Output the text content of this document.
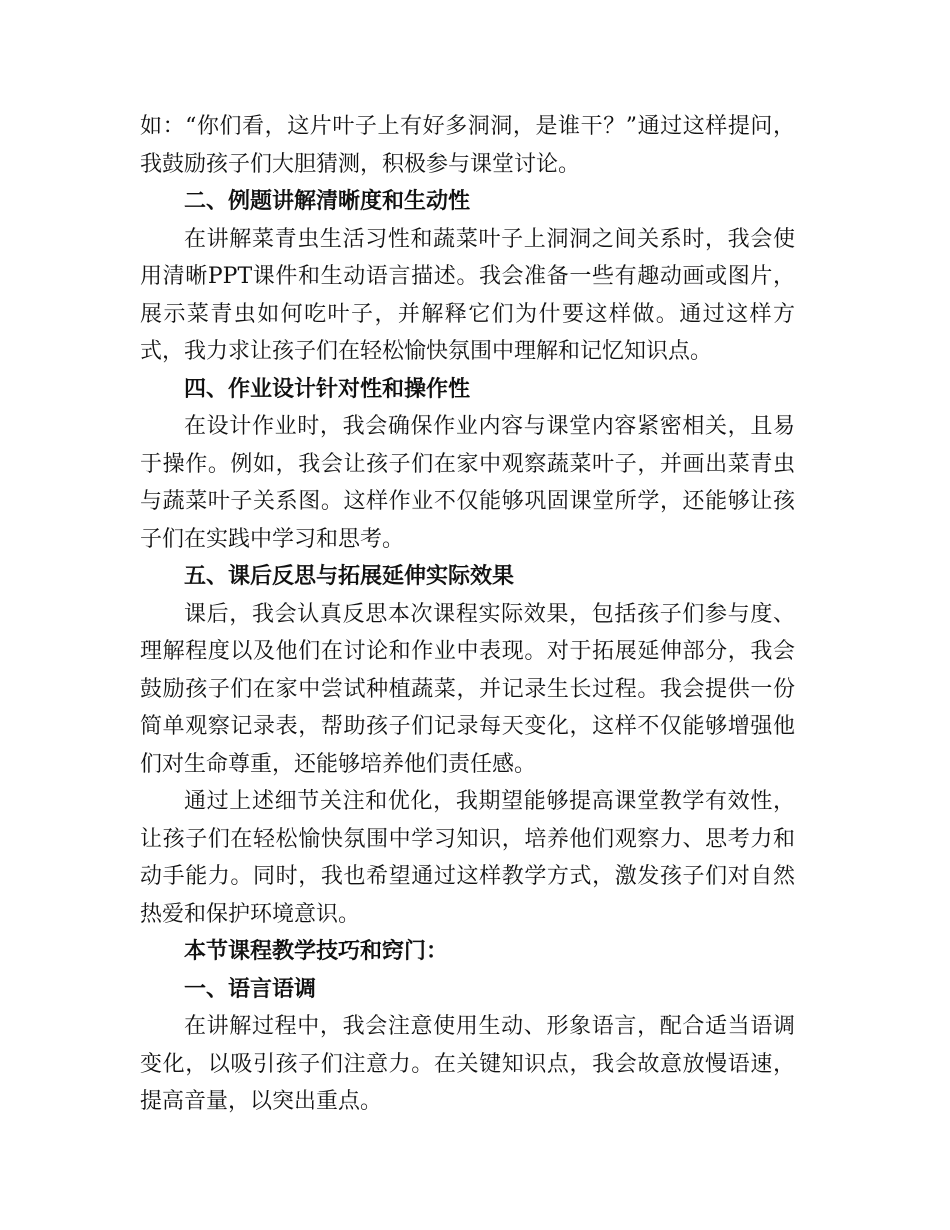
如：“你们看，这片叶子上有好多洞洞，是谁干？”通过这样提问，我鼓励孩子们大胆猜测，积极参与课堂讨论。

二、例题讲解清晰度和生动性

在讲解菜青虫生活习性和蔬菜叶子上洞洞之间关系时，我会使用清晰PPT课件和生动语言描述。我会准备一些有趣动画或图片，展示菜青虫如何吃叶子，并解释它们为什要这样做。通过这样方式，我力求让孩子们在轻松愉快氛围中理解和记忆知识点。

四、作业设计针对性和操作性

在设计作业时，我会确保作业内容与课堂内容紧密相关，且易于操作。例如，我会让孩子们在家中观察蔬菜叶子，并画出菜青虫与蔬菜叶子关系图。这样作业不仅能够巩固课堂所学，还能够让孩子们在实践中学习和思考。

五、课后反思与拓展延伸实际效果

课后，我会认真反思本次课程实际效果，包括孩子们参与度、理解程度以及他们在讨论和作业中表现。对于拓展延伸部分，我会鼓励孩子们在家中尝试种植蔬菜，并记录生长过程。我会提供一份简单观察记录表，帮助孩子们记录每天变化，这样不仅能够增强他们对生命尊重，还能够培养他们责任感。

通过上述细节关注和优化，我期望能够提高课堂教学有效性，让孩子们在轻松愉快氛围中学习知识，培养他们观察力、思考力和动手能力。同时，我也希望通过这样教学方式，激发孩子们对自然热爱和保护环境意识。

本节课程教学技巧和窍门：

一、语言语调

在讲解过程中，我会注意使用生动、形象语言，配合适当语调变化，以吸引孩子们注意力。在关键知识点，我会故意放慢语速，提高音量，以突出重点。
